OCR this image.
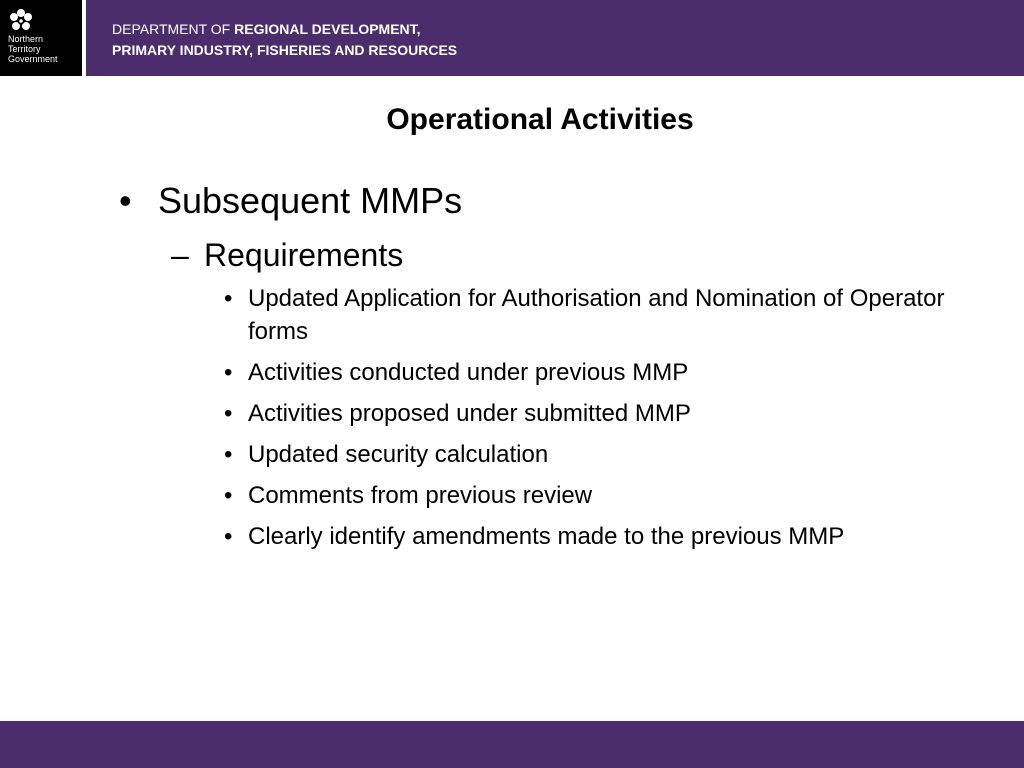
Northern
Territory
Government
DEPARTMENT OF REGIONAL DEVELOPMENT,
PRIMARY INDUSTRY, FISHERIES AND RESOURCES
Operational Activities
• Subsequent MMPs
– Requirements
• Updated Application for Authorisation and Nomination of Operator forms
• Activities conducted under previous MMP
• Activities proposed under submitted MMP
• Updated security calculation
• Comments from previous review
• Clearly identify amendments made to the previous MMP
